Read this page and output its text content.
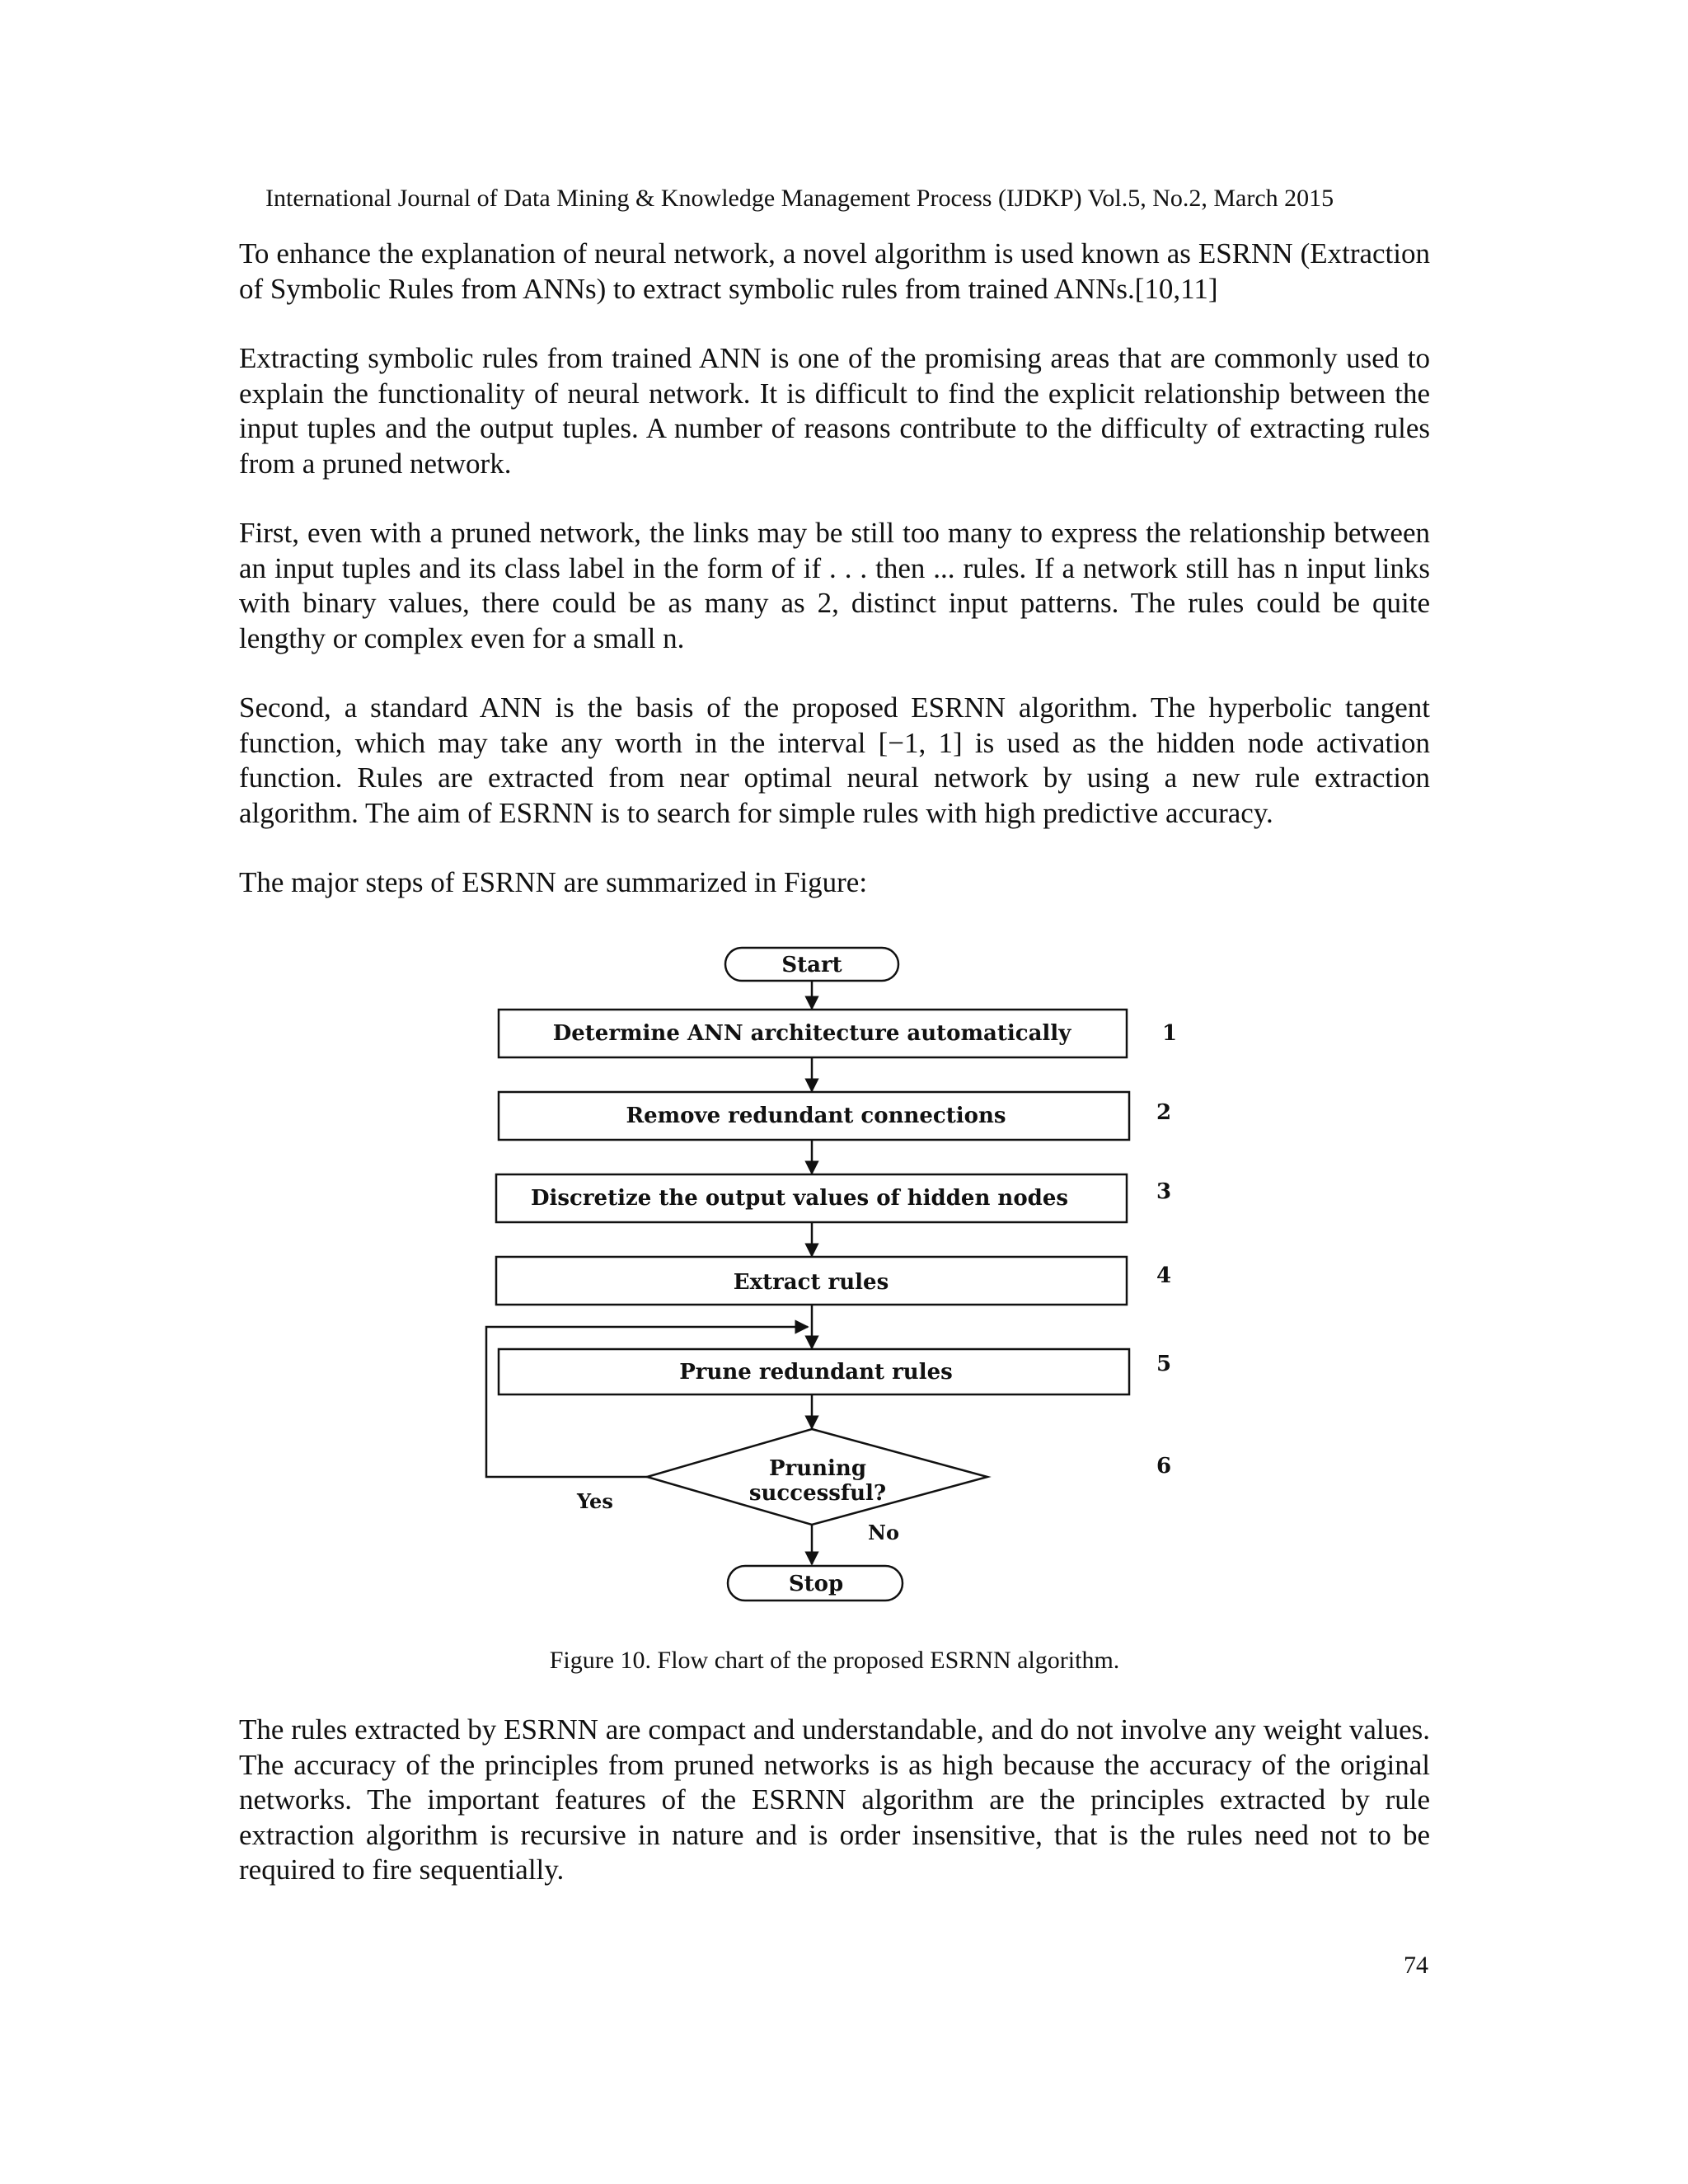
International Journal of Data Mining & Knowledge Management Process (IJDKP) Vol.5, No.2, March 2015

To enhance the explanation of neural network, a novel algorithm is used known as ESRNN (Extraction of Symbolic Rules from ANNs) to extract symbolic rules from trained ANNs.[10,11]

Extracting symbolic rules from trained ANN is one of the promising areas that are commonly used to explain the functionality of neural network. It is difficult to find the explicit relationship between the input tuples and the output tuples. A number of reasons contribute to the difficulty of extracting rules from a pruned network.

First, even with a pruned network, the links may be still too many to express the relationship between an input tuples and its class label in the form of if . . . then ... rules. If a network still has n input links with binary values, there could be as many as 2, distinct input patterns. The rules could be quite lengthy or complex even for a small n.

Second, a standard ANN is the basis of the proposed ESRNN algorithm. The hyperbolic tangent function, which may take any worth in the interval [−1, 1] is used as the hidden node activation function. Rules are extracted from near optimal neural network by using a new rule extraction algorithm. The aim of ESRNN is to search for simple rules with high predictive accuracy.

The major steps of ESRNN are summarized in Figure:

Start
Determine ANN architecture automatically	1
Remove redundant connections	2
Discretize the output values of hidden nodes	3
Extract rules	4
Prune redundant rules	5
Pruning
successful?
6
Yes
No
Stop
Figure 10. Flow chart of the proposed ESRNN algorithm.

The rules extracted by ESRNN are compact and understandable, and do not involve any weight values. The accuracy of the principles from pruned networks is as high because the accuracy of the original networks. The important features of the ESRNN algorithm are the principles extracted by rule extraction algorithm is recursive in nature and is order insensitive, that is the rules need not to be required to fire sequentially.

74
